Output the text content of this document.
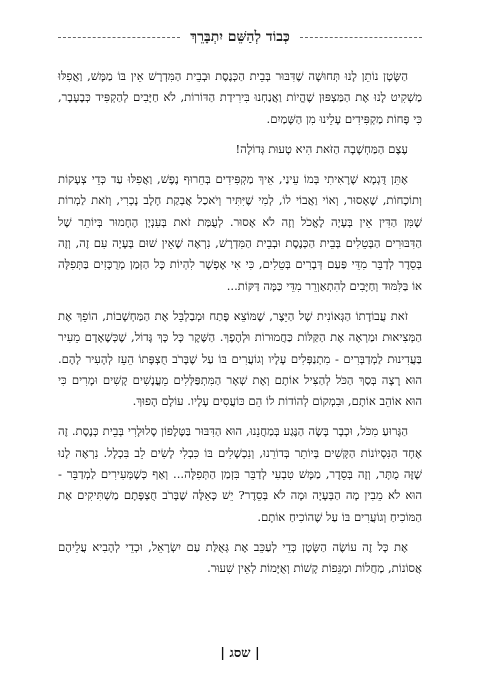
כְּבוֹד לְהַשֵּׁם יִתְבָּרֵךְ

הַשָּׂטָן נוֹתֵן לָנוּ תְּחוּשָׁה שֶׁדִּבּוּר בְּבֵית הַכְּנֶסֶת וּבְבֵית הַמִּדְרָשׁ אֵין בּוֹ מַמָּשׁ, וַאֲפִלּוּ מַשְׁקִיט לָנוּ אֶת הַמַּצְפּוּן שֶׁהֱיוֹת וַאֲנַחְנוּ בִּירִידַת הַדּוֹרוֹת, לֹא חַיָּבִים לְהַקְפִּיד כְּבֶעָבָר, כִּי פָּחוֹת מַקְפִּידִים עָלֵינוּ מִן הַשָּׁמַיִם.

עֶצֶם הַמַּחְשָׁבָה הַזֹּאת הִיא טָעוּת גְּדוֹלָה!

אֶתֵּן דֻּגְמָא שֶׁרָאִיתִי בְּמוֹ עֵינַי, אֵיךְ מַקְפִּידִים בְּחֵרוּף נֶפֶשׁ, וַאֲפִלּוּ עַד כְּדֵי צְעָקוֹת וְתוֹכָחוֹת, שֶׁאָסוּר, וְאוֹי וַאֲבוֹי לוֹ, לְמִי שֶׁיִּתִּיר וְיֹאכַל אֲבְקַת חָלָב נָכְרִי, וְזֹאת לַמְרוֹת שֶׁמִּן הַדִּין אֵין בְּעָיָה לֶאֱכֹל וְזֶה לֹא אָסוּר. לְעֻמַּת זֹאת בְּעִנְיָן הֶחָמוּר בְּיוֹתֵר שֶׁל הַדִּבּוּרִים הַבְּטֵלִים בְּבֵית הַכְּנֶסֶת וּבְבֵית הַמִּדְרָשׁ, נִרְאֶה שֶׁאֵין שׁוּם בְּעָיָה עִם זֶה, וְזֶה בְּסֵדֶר לְדַבֵּר מִדֵּי פַּעַם דְּבָרִים בְּטֵלִים, כִּי אִי אֶפְשָׁר לִהְיוֹת כָּל הַזְּמַן מְרֻכָּזִים בַּתְּפִלָּה אוֹ בַּלִּמּוּד וְחַיָּבִים לְהִתְאַוְרֵר מִדֵּי כַּמָּה דַּקּוֹת...

זֹאת עֲבוֹדָתוֹ הַגְּאוֹנִית שֶׁל הַיֵּצֶר, שֶׁמּוֹצֵא פֶּתַח וּמְבַלְבֵּל אֶת הַמַּחְשָׁבוֹת, הוֹפֵךְ אֶת הַמְּצִיאוּת וּמַרְאֶה אֶת הַקַּלּוֹת כַּחֲמוּרוֹת וּלְהֶפֶךְ. הַשֶּׁקֶר כָּל כָּךְ גָּדוֹל, שֶׁכְּשֶׁאָדָם מֵעִיר בַּעֲדִינוּת לַמְדַבְּרִים - מִתְנַפְּלִים עָלָיו וְגוֹעֲרִים בּוֹ עַל שֶׁבָּרֹב חֻצְפָּתוֹ הֵעֵז לְהָעִיר לָהֶם. הוּא רָצָה בְּסַךְ הַכֹּל לְהַצִּיל אוֹתָם וְאֶת שְׁאָר הַמִּתְפַּלְּלִים מֵעֳנָשִׁים קָשִׁים וּמָרִים כִּי הוּא אוֹהֵב אוֹתָם, וּבִמְקוֹם לְהוֹדוֹת לוֹ הֵם כּוֹעֲסִים עָלָיו. עוֹלָם הָפוּךְ.

הַגָּרוּעַ מִכֹּל, וּכְבָר בָּשָׂה הַנֶּגַע בְּמַחֲנֵנוּ, הוּא הַדִּבּוּר בַּטֶּלֶפוֹן סֶלוּלָרִי בְּבֵית כְּנֶסֶת. זֶה אֶחָד הַנִּסְיוֹנוֹת הַקָּשִׁים בְּיוֹתֵר בְּדוֹרֵנוּ, וְנִכְשָׁלִים בּוֹ כִּבְלִי לָשִׂים לֵב בִּכְלָל. נִרְאֶה לָנוּ שֶׁזֶּה מֻתָּר, וְזֶה בְּסֵדֶר, מַמָּשׁ טִבְעִי לְדַבֵּר בִּזְמַן הַתְּפִלָּה... וְאַף כְּשֶׁמְּעִירִים לַמְדַבֵּר - הוּא לֹא מֵבִין מָה הַבְּעָיָה וּמָה לֹא בְּסֵדֶר? יֵשׁ כָּאֵלֶּה שֶׁבָּרֹב חֻצְפָּתָם מַשְׁתִּיקִים אֶת הַמּוֹכִיחַ וְגוֹעֲרִים בּוֹ עַל שֶׁהוֹכִיחַ אוֹתָם.

אֶת כָּל זֶה עוֹשֶׂה הַשָּׂטָן כְּדֵי לְעַכֵּב אֶת גְּאֻלַּת עַם יִשְׂרָאֵל, וּכְדֵי לְהָבִיא עֲלֵיהֶם אֲסוֹנוֹת, מַחֲלוֹת וּמַגֵּפוֹת קָשׁוֹת וְאֻיָּמוֹת לְאֵין שִׁעוּר.

| שסג |
